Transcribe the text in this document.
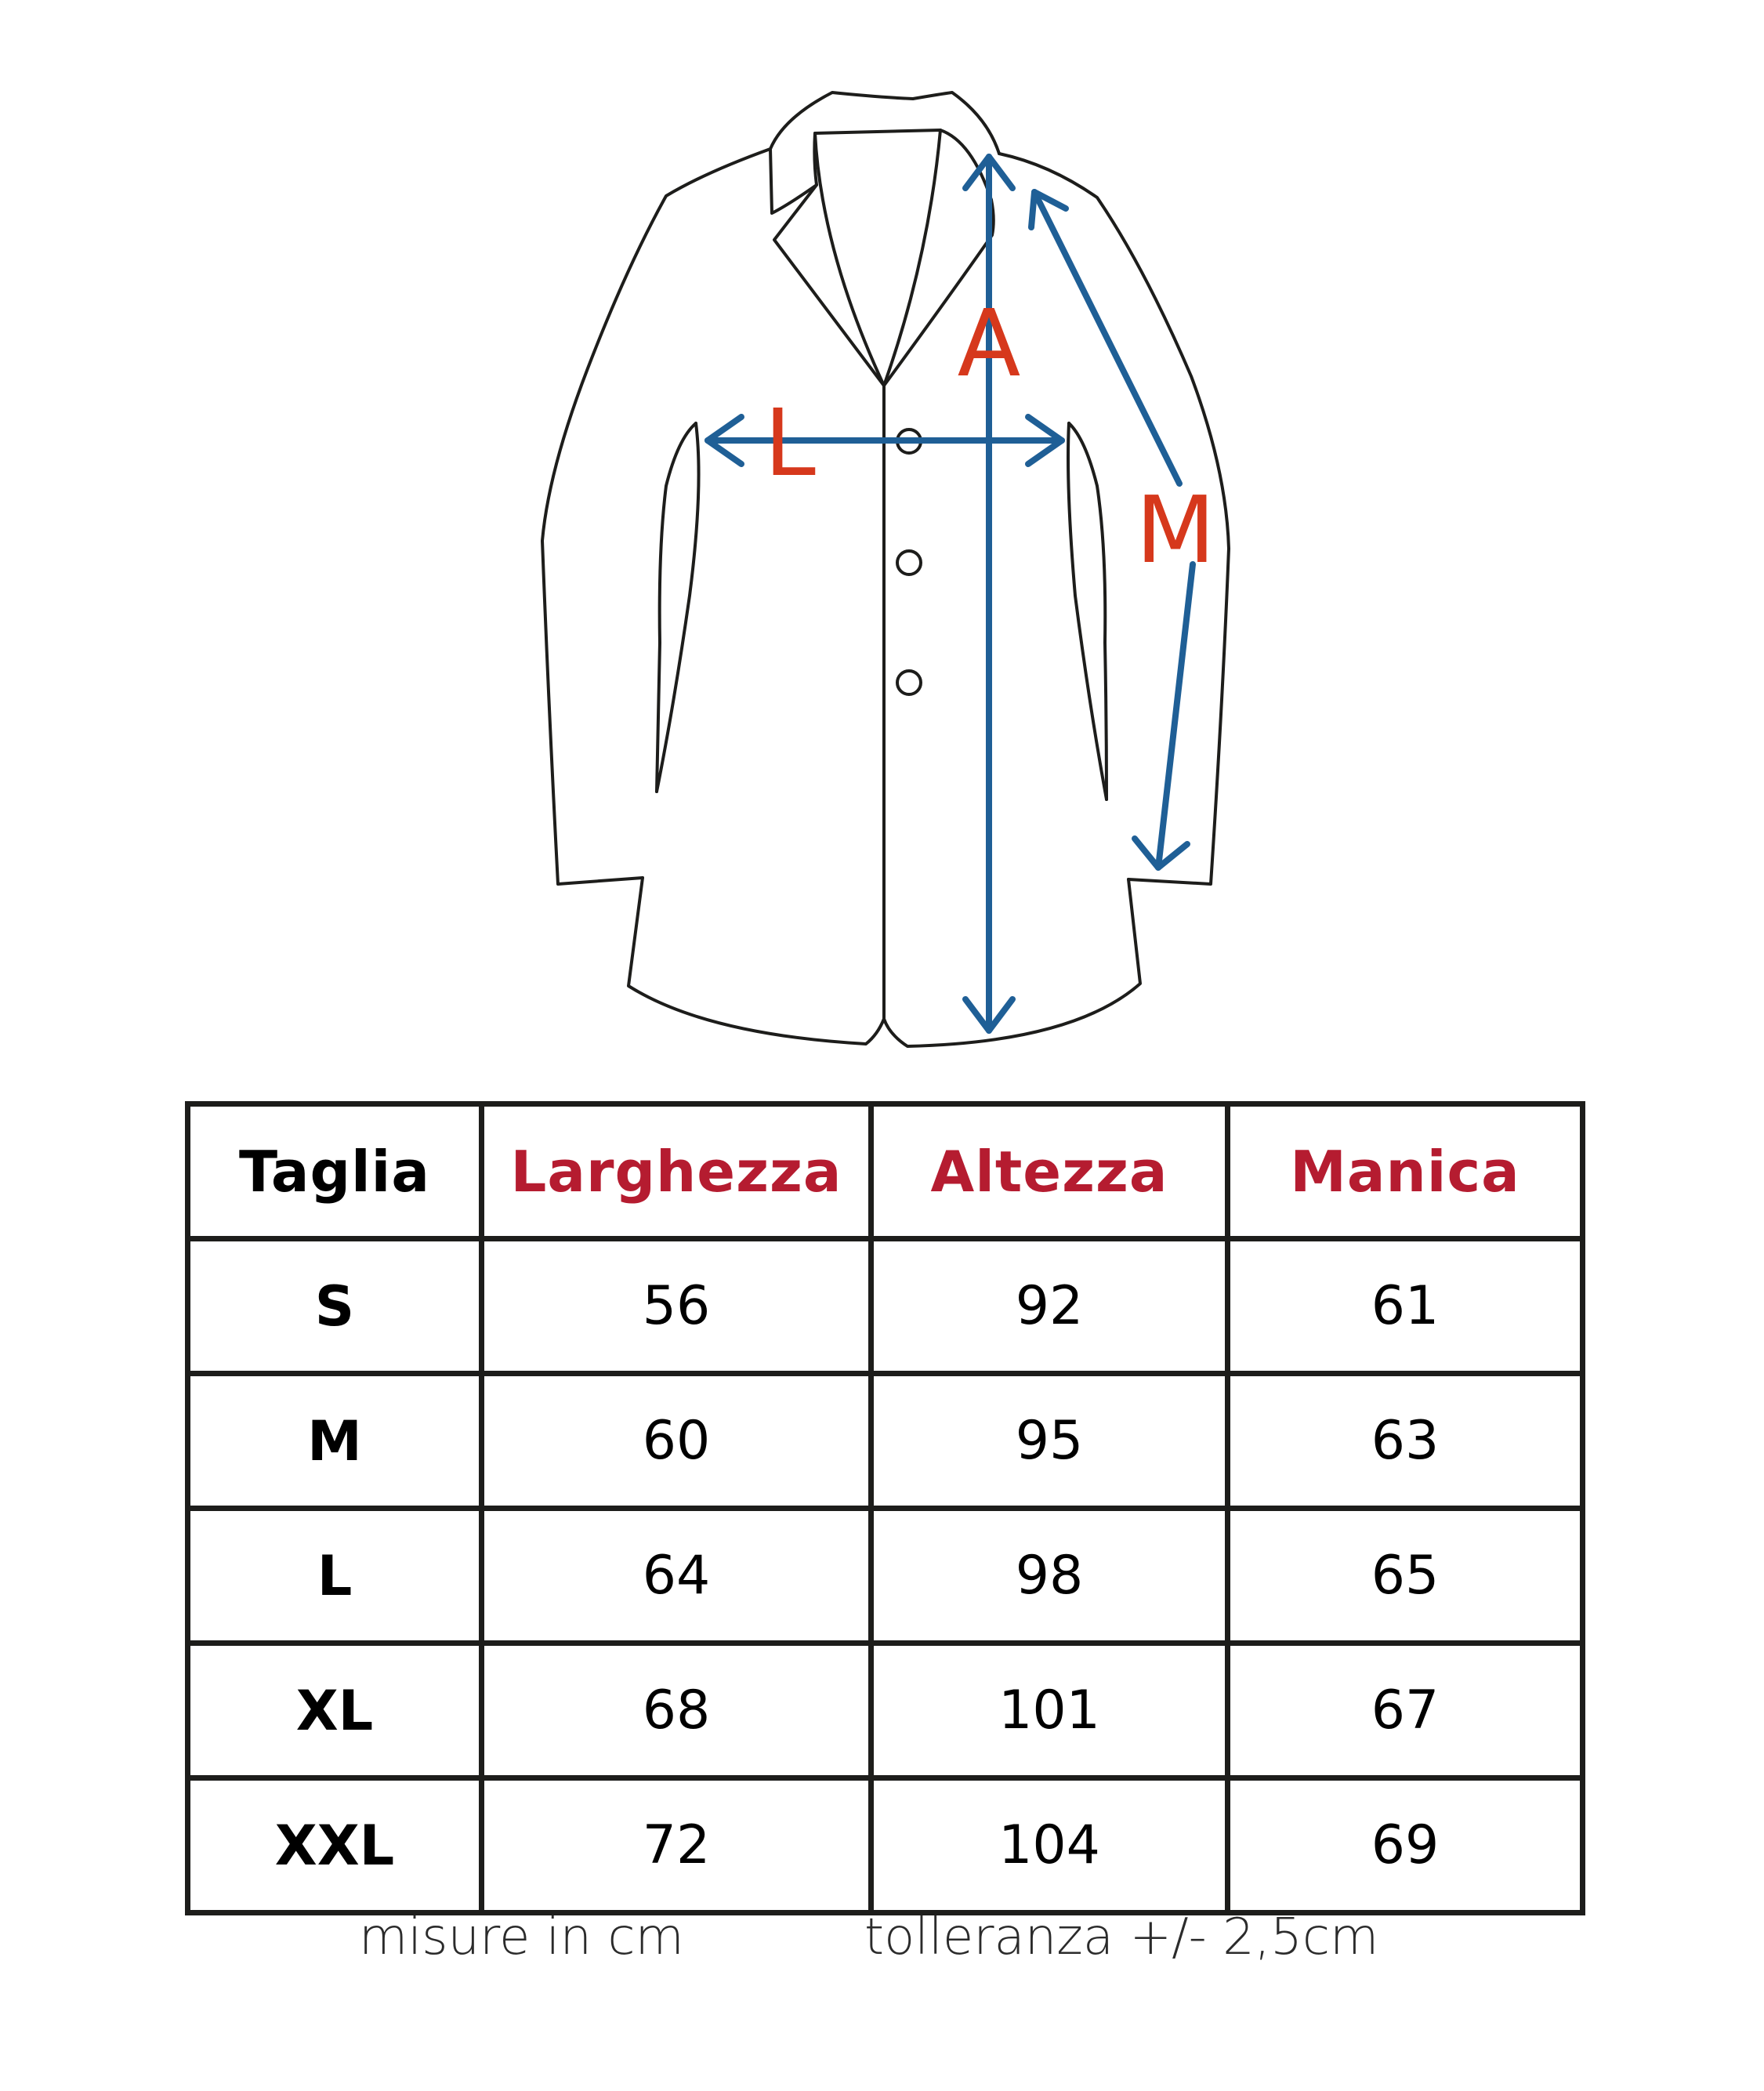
L
A
M
Taglia	Larghezza	Altezza	Manica
S	56	92	61
M	60	95	63
L	64	98	65
XL	68	101	67
XXL	72	104	69
misure in cm	tolleranza +/- 2,5cm
